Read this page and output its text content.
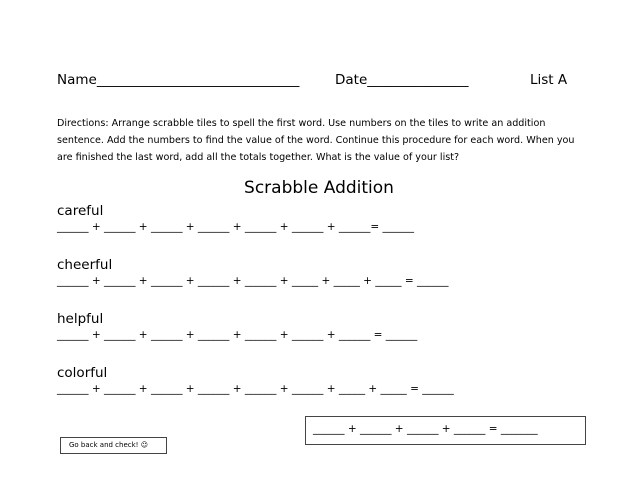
Name______________________________	Date_______________	List A
Directions: Arrange scrabble tiles to spell the first word. Use numbers on the tiles to write an addition sentence. Add the numbers to find the value of the word. Continue this procedure for each word. When you are finished the last word, add all the totals together. What is the value of your list?
Scrabble Addition
careful
______ + ______ + ______ + ______ + ______ + ______ + ______= ______
cheerful
______ + ______ + ______ + ______ + ______ + _____ + _____ + _____ = ______
helpful
______ + ______ + ______ + ______ + ______ + ______ + ______ = ______
colorful
______ + ______ + ______ + ______ + ______ + ______ + _____ + _____ = ______
______ + ______ + ______ + ______ = _______
Go back and check! ☺
